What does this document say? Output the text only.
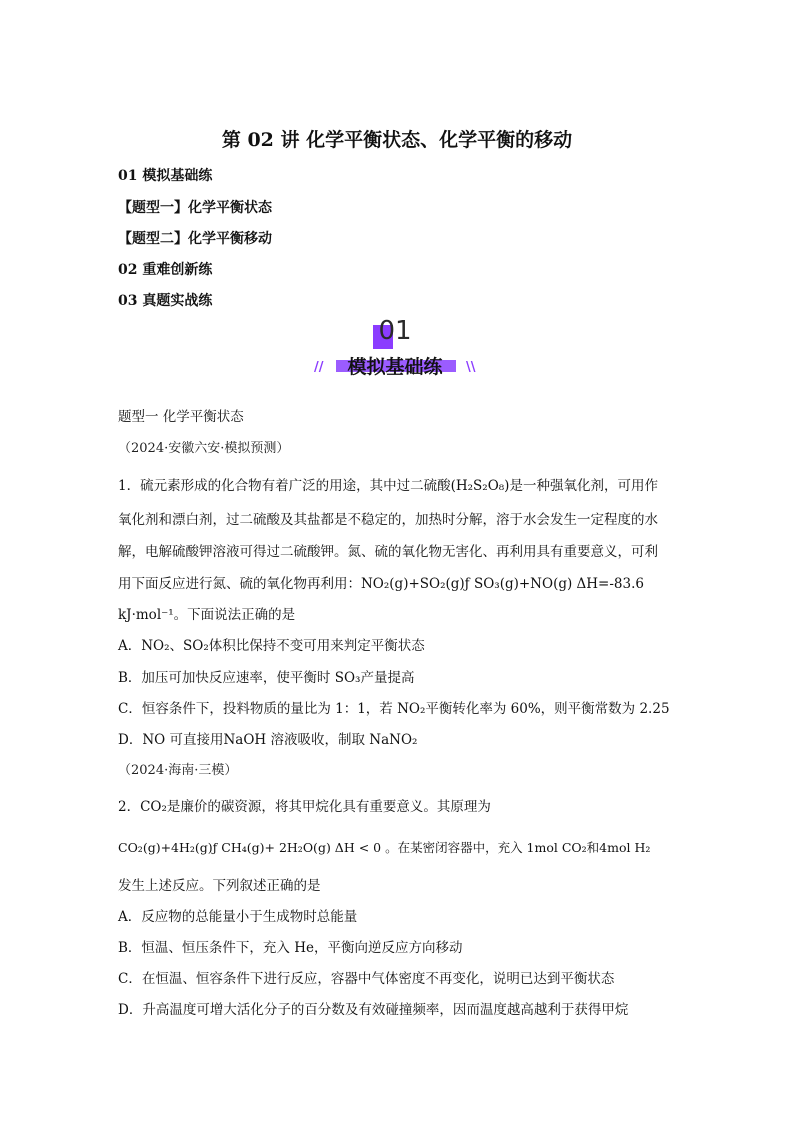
第 02 讲 化学平衡状态、化学平衡的移动
01 模拟基础练
【题型一】化学平衡状态
【题型二】化学平衡移动
02 重难创新练
03 真题实战练
01
//	模拟基础练	\\
题型一 化学平衡状态
（2024·安徽六安·模拟预测）
1．硫元素形成的化合物有着广泛的用途，其中过二硫酸(H₂S₂O₈)是一种强氧化剂，可用作
氧化剂和漂白剂，过二硫酸及其盐都是不稳定的，加热时分解，溶于水会发生一定程度的水
解，电解硫酸钾溶液可得过二硫酸钾。氮、硫的氧化物无害化、再利用具有重要意义，可利
用下面反应进行氮、硫的氧化物再利用：NO₂(g)+SO₂(g)ƒ SO₃(g)+NO(g) ΔH=-83.6
kJ·mol⁻¹。下面说法正确的是
A．NO₂、SO₂体积比保持不变可用来判定平衡状态
B．加压可加快反应速率，使平衡时 SO₃产量提高
C．恒容条件下，投料物质的量比为 1：1，若 NO₂平衡转化率为 60%，则平衡常数为 2.25
D．NO 可直接用NaOH 溶液吸收，制取 NaNO₂
（2024·海南·三模）
2．CO₂是廉价的碳资源，将其甲烷化具有重要意义。其原理为
CO₂(g)+4H₂(g)ƒ CH₄(g)+ 2H₂O(g) ΔH < 0 。在某密闭容器中，充入 1mol CO₂和4mol H₂
发生上述反应。下列叙述正确的是
A．反应物的总能量小于生成物时总能量
B．恒温、恒压条件下，充入 He，平衡向逆反应方向移动
C．在恒温、恒容条件下进行反应，容器中气体密度不再变化，说明已达到平衡状态
D．升高温度可增大活化分子的百分数及有效碰撞频率，因而温度越高越利于获得甲烷
